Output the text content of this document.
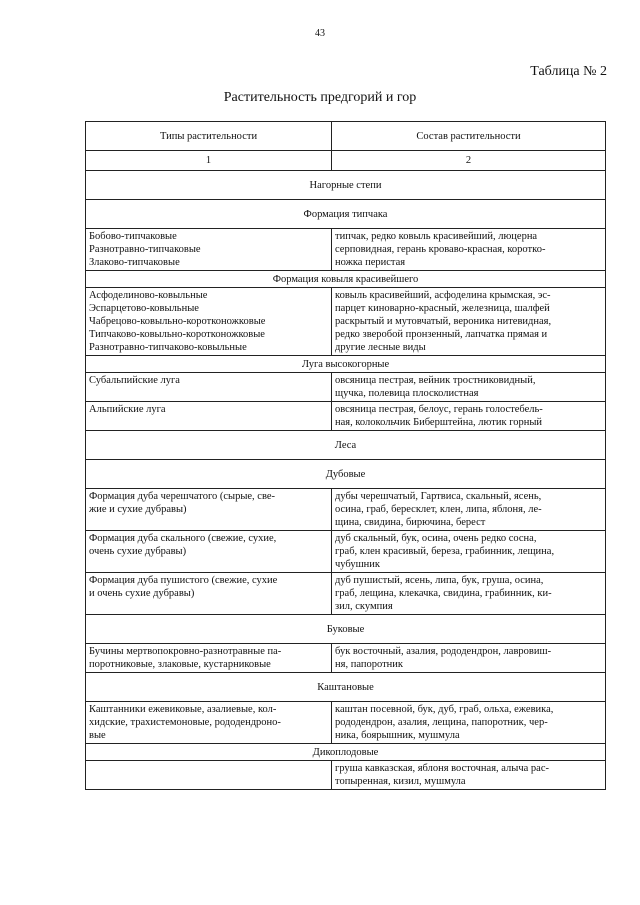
43
Таблица № 2
Растительность предгорий и гор
Типы растительности	Состав растительности
1	2
Нагорные степи	
Формация типчака	

Бобово-типчаковые
Разнотравно-типчаковые
Злаково-типчаковые	типчак, редко ковыль красивейший, люцерна
серповидная, герань кроваво-красная, коротко-
ножка перистая

Формация ковыля красивейшего	

Асфоделиново-ковыльные
Эспарцетово-ковыльные
Чабрецово-ковыльно-коротконожковые
Типчаково-ковыльно-коротконожковые
Разнотравно-типчаково-ковыльные	ковыль красивейший, асфоделина крымская, эс-
парцет киноварно-красный, железница, шалфей
раскрытый и мутовчатый, вероника нитевидная,
редко зверобой пронзенный, лапчатка прямая и
другие лесные виды

Луга высокогорные	

Субальпийские луга	овсяница пестрая, вейник тростниковидный,
щучка, полевица плосколистная

Альпийские луга	овсяница пестрая, белоус, герань голостебель-
ная, колокольчик Биберштейна, лютик горный

Леса	
Дубовые	

Формация дуба черешчатого (сырые, све-
жие и сухие дубравы)	дубы черешчатый, Гартвиса, скальный, ясень,
осина, граб, бересклет, клен, липа, яблоня, ле-
щина, свидина, бирючина, берест

Формация дуба скального (свежие, сухие,
очень сухие дубравы)	дуб скальный, бук, осина, очень редко сосна,
граб, клен красивый, береза, грабинник, лещина,
чубушник

Формация дуба пушистого (свежие, сухие
и очень сухие дубравы)	дуб пушистый, ясень, липа, бук, груша, осина,
граб, лещина, клекачка, свидина, грабинник, ки-
зил, скумпия

Буковые	

Бучины мертвопокровно-разнотравные па-
поротниковые, злаковые, кустарниковые	бук восточный, азалия, рододендрон, лавровиш-
ня, папоротник

Каштановые	

Каштанники ежевиковые, азалиевые, кол-
хидские, трахистемоновые, рододендроно-
вые	каштан посевной, бук, дуб, граб, ольха, ежевика,
рододендрон, азалия, лещина, папоротник, чер-
ника, боярышник, мушмула

Дикоплодовые	

	груша кавказская, яблоня восточная, алыча рас-
топыренная, кизил, мушмула
